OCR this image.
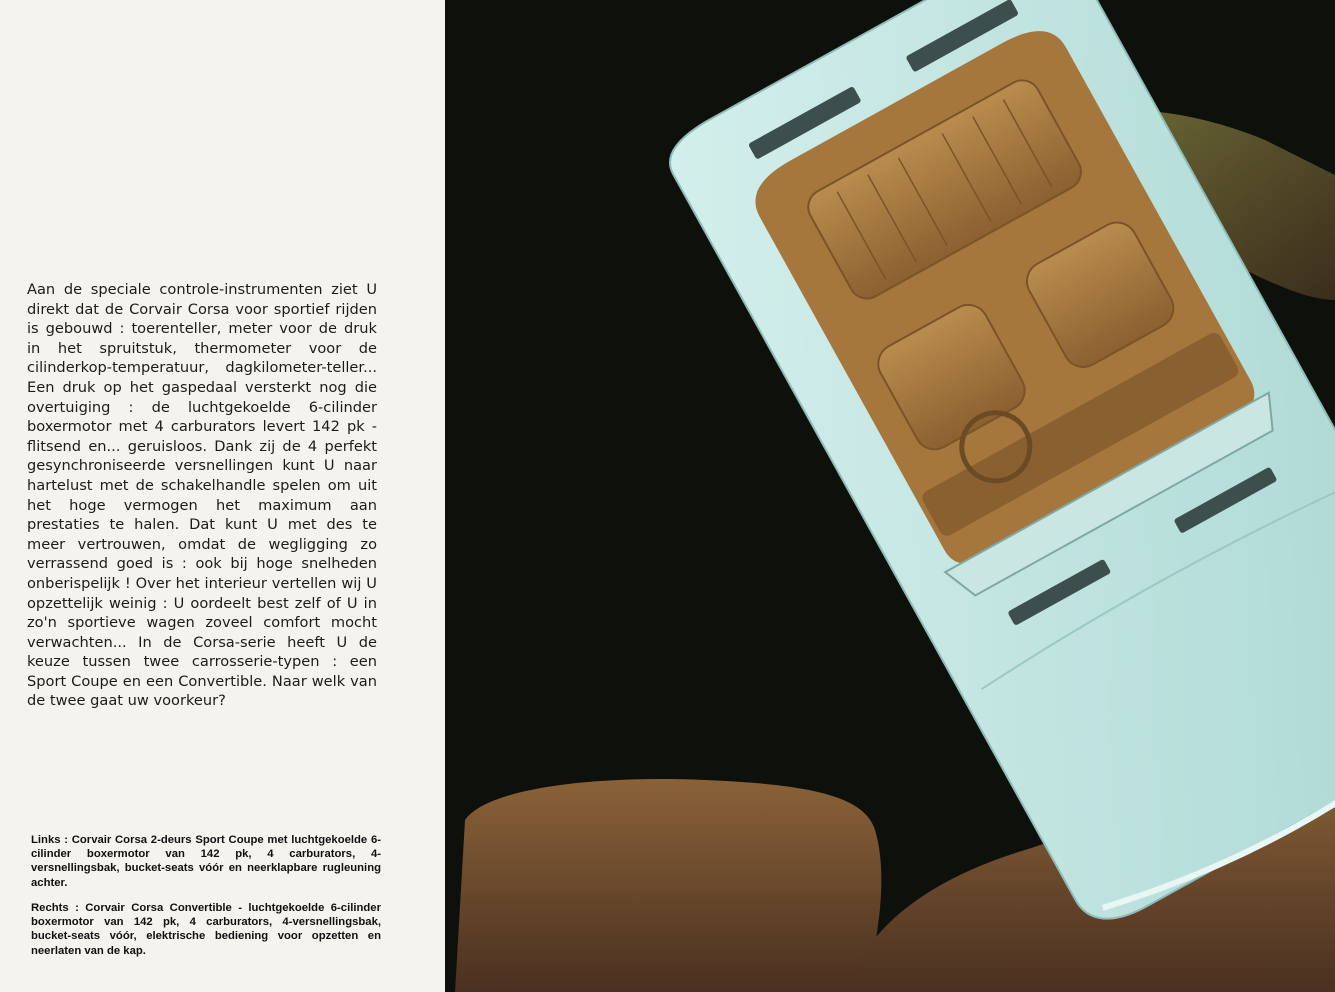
Aan de speciale controle-instrumenten ziet U direkt dat de Corvair Corsa voor sportief rijden is gebouwd : toerenteller, meter voor de druk in het spruitstuk, thermometer voor de cilinderkop-temperatuur, dagkilometer-teller... Een druk op het gaspedaal versterkt nog die overtuiging : de luchtgekoelde 6-cilinder boxermotor met 4 carburators levert 142 pk - flitsend en... geruisloos. Dank zij de 4 perfekt gesynchroniseerde versnellingen kunt U naar hartelust met de schakelhandle spelen om uit het hoge vermogen het maximum aan prestaties te halen. Dat kunt U met des te meer vertrouwen, omdat de wegligging zo verrassend goed is : ook bij hoge snelheden onberispelijk ! Over het interieur vertellen wij U opzettelijk weinig : U oordeelt best zelf of U in zo'n sportieve wagen zoveel comfort mocht verwachten... In de Corsa-serie heeft U de keuze tussen twee carrosserie-typen : een Sport Coupe en een Convertible. Naar welk van de twee gaat uw voorkeur?

Links : Corvair Corsa 2-deurs Sport Coupe met luchtgekoelde 6-cilinder boxermotor van 142 pk, 4 carburators, 4-versnellingsbak, bucket-seats vóór en neerklapbare rugleuning achter.

Rechts : Corvair Corsa Convertible - luchtgekoelde 6-cilinder boxermotor van 142 pk, 4 carburators, 4-versnellingsbak, bucket-seats vóór, elektrische bediening voor opzetten en neerlaten van de kap.
